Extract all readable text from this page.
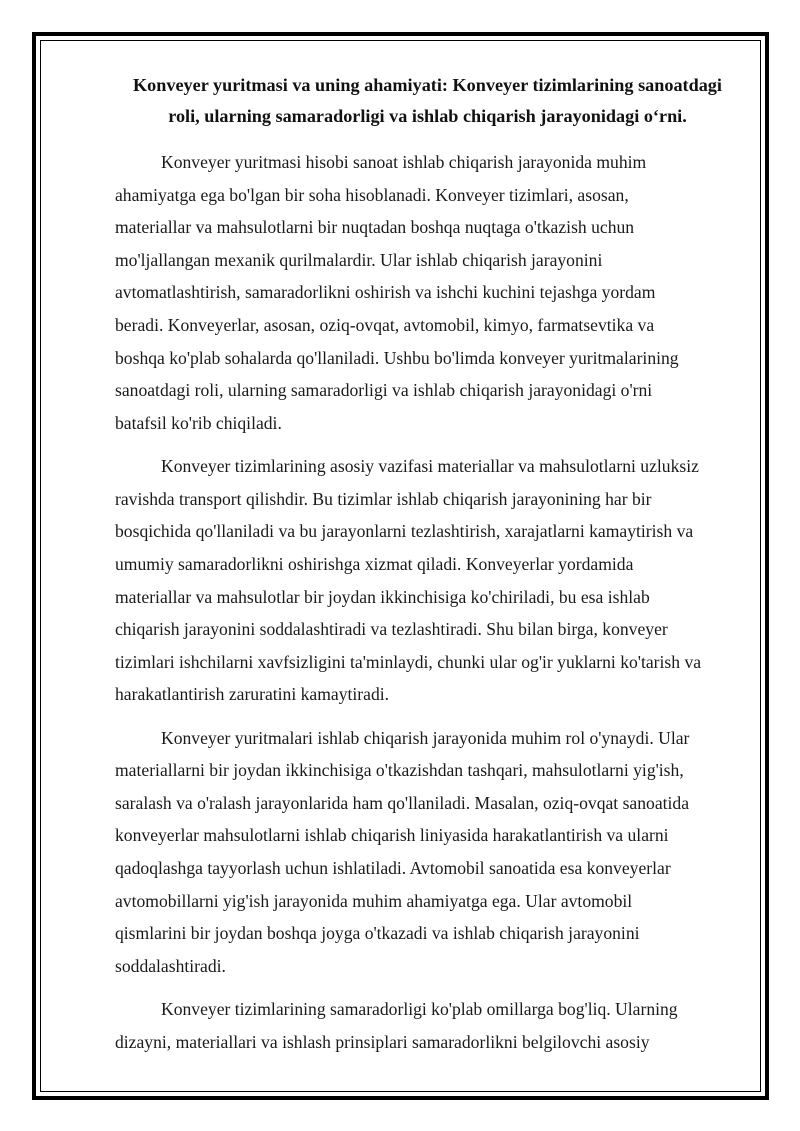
Konveyer yuritmasi va uning ahamiyati: Konveyer tizimlarining sanoatdagi
roli, ularning samaradorligi va ishlab chiqarish jarayonidagi o‘rni.

Konveyer yuritmasi hisobi sanoat ishlab chiqarish jarayonida muhim
ahamiyatga ega bo'lgan bir soha hisoblanadi. Konveyer tizimlari, asosan,
materiallar va mahsulotlarni bir nuqtadan boshqa nuqtaga o'tkazish uchun
mo'ljallangan mexanik qurilmalardir. Ular ishlab chiqarish jarayonini
avtomatlashtirish, samaradorlikni oshirish va ishchi kuchini tejashga yordam
beradi. Konveyerlar, asosan, oziq-ovqat, avtomobil, kimyo, farmatsevtika va
boshqa ko'plab sohalarda qo'llaniladi. Ushbu bo'limda konveyer yuritmalarining
sanoatdagi roli, ularning samaradorligi va ishlab chiqarish jarayonidagi o'rni
batafsil ko'rib chiqiladi.

Konveyer tizimlarining asosiy vazifasi materiallar va mahsulotlarni uzluksiz
ravishda transport qilishdir. Bu tizimlar ishlab chiqarish jarayonining har bir
bosqichida qo'llaniladi va bu jarayonlarni tezlashtirish, xarajatlarni kamaytirish va
umumiy samaradorlikni oshirishga xizmat qiladi. Konveyerlar yordamida
materiallar va mahsulotlar bir joydan ikkinchisiga ko'chiriladi, bu esa ishlab
chiqarish jarayonini soddalashtiradi va tezlashtiradi. Shu bilan birga, konveyer
tizimlari ishchilarni xavfsizligini ta'minlaydi, chunki ular og'ir yuklarni ko'tarish va
harakatlantirish zaruratini kamaytiradi.

Konveyer yuritmalari ishlab chiqarish jarayonida muhim rol o'ynaydi. Ular
materiallarni bir joydan ikkinchisiga o'tkazishdan tashqari, mahsulotlarni yig'ish,
saralash va o'ralash jarayonlarida ham qo'llaniladi. Masalan, oziq-ovqat sanoatida
konveyerlar mahsulotlarni ishlab chiqarish liniyasida harakatlantirish va ularni
qadoqlashga tayyorlash uchun ishlatiladi. Avtomobil sanoatida esa konveyerlar
avtomobillarni yig'ish jarayonida muhim ahamiyatga ega. Ular avtomobil
qismlarini bir joydan boshqa joyga o'tkazadi va ishlab chiqarish jarayonini
soddalashtiradi.

Konveyer tizimlarining samaradorligi ko'plab omillarga bog'liq. Ularning
dizayni, materiallari va ishlash prinsiplari samaradorlikni belgilovchi asosiy
